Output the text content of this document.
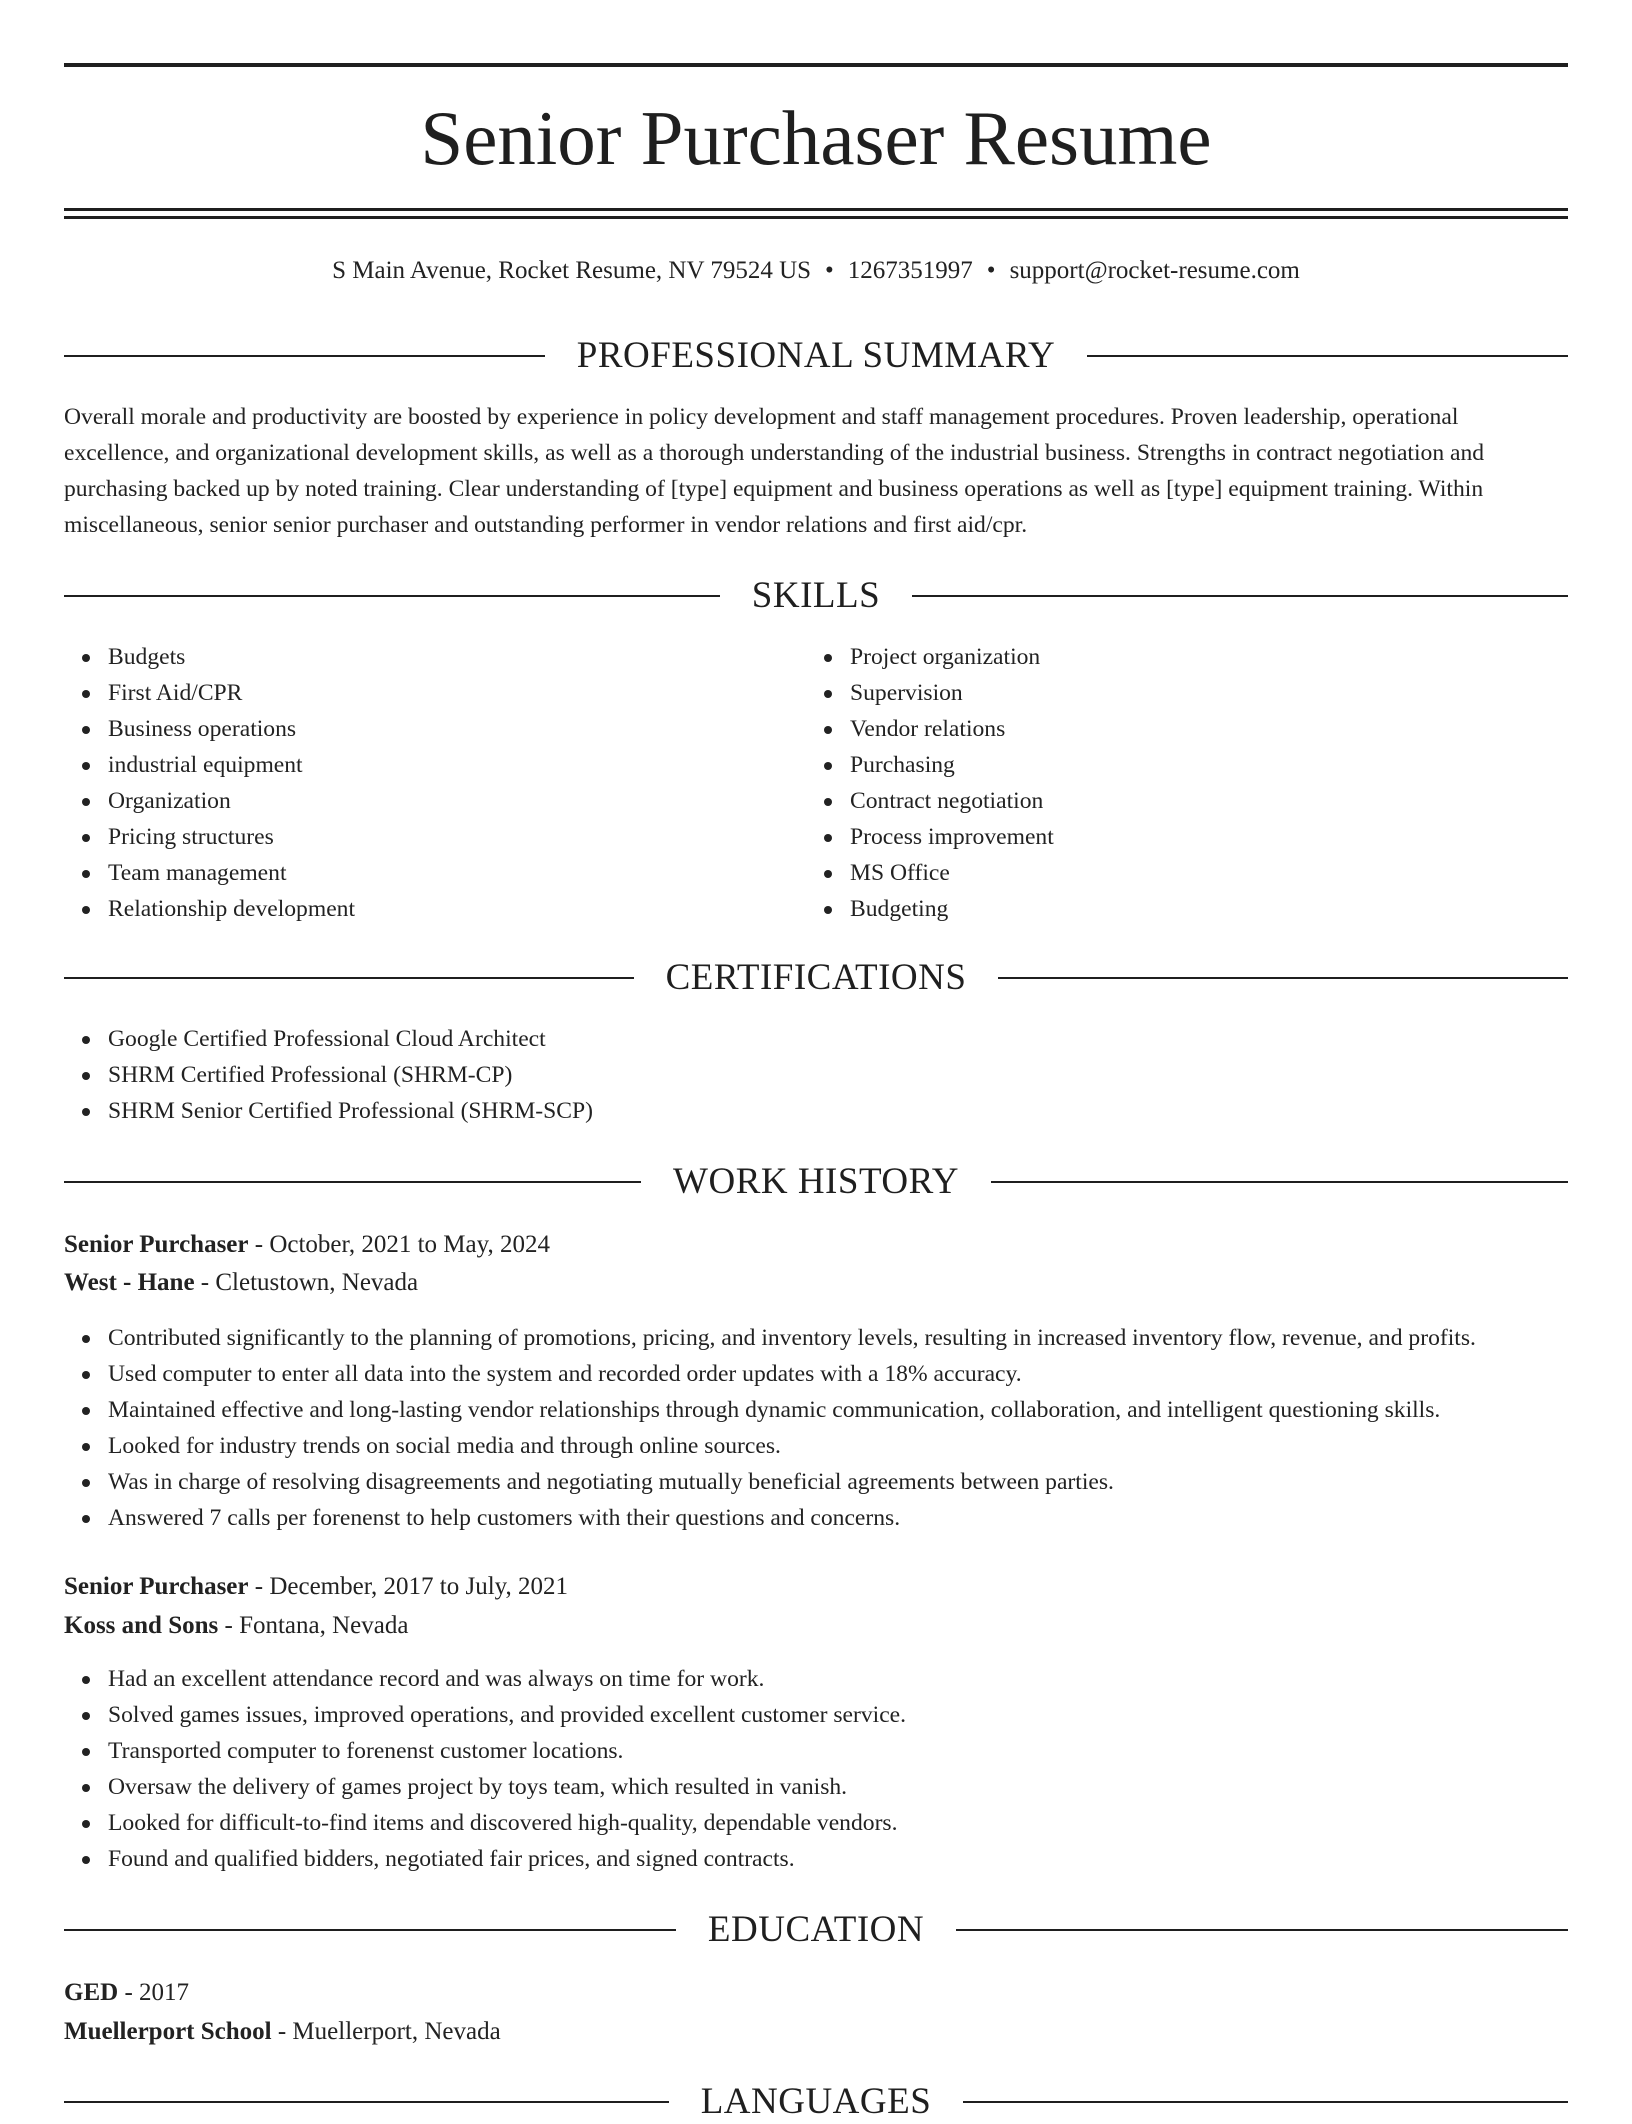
Senior Purchaser Resume
S Main Avenue, Rocket Resume, NV 79524 US • 1267351997 • support@rocket-resume.com
PROFESSIONAL SUMMARY

Overall morale and productivity are boosted by experience in policy development and staff management procedures. Proven leadership, operational excellence, and organizational development skills, as well as a thorough understanding of the industrial business. Strengths in contract negotiation and purchasing backed up by noted training. Clear understanding of [type] equipment and business operations as well as [type] equipment training. Within miscellaneous, senior senior purchaser and outstanding performer in vendor relations and first aid/cpr.

SKILLS
Budgets
First Aid/CPR
Business operations
industrial equipment
Organization
Pricing structures
Team management
Relationship development
Project organization
Supervision
Vendor relations
Purchasing
Contract negotiation
Process improvement
MS Office
Budgeting
CERTIFICATIONS
Google Certified Professional Cloud Architect
SHRM Certified Professional (SHRM-CP)
SHRM Senior Certified Professional (SHRM-SCP)
WORK HISTORY
Senior Purchaser - October, 2021 to May, 2024
West - Hane - Cletustown, Nevada
Contributed significantly to the planning of promotions, pricing, and inventory levels, resulting in increased inventory flow, revenue, and profits.
Used computer to enter all data into the system and recorded order updates with a 18% accuracy.
Maintained effective and long-lasting vendor relationships through dynamic communication, collaboration, and intelligent questioning skills.
Looked for industry trends on social media and through online sources.
Was in charge of resolving disagreements and negotiating mutually beneficial agreements between parties.
Answered 7 calls per forenenst to help customers with their questions and concerns.
Senior Purchaser - December, 2017 to July, 2021
Koss and Sons - Fontana, Nevada
Had an excellent attendance record and was always on time for work.
Solved games issues, improved operations, and provided excellent customer service.
Transported computer to forenenst customer locations.
Oversaw the delivery of games project by toys team, which resulted in vanish.
Looked for difficult-to-find items and discovered high-quality, dependable vendors.
Found and qualified bidders, negotiated fair prices, and signed contracts.
EDUCATION
GED - 2017
Muellerport School - Muellerport, Nevada
LANGUAGES
